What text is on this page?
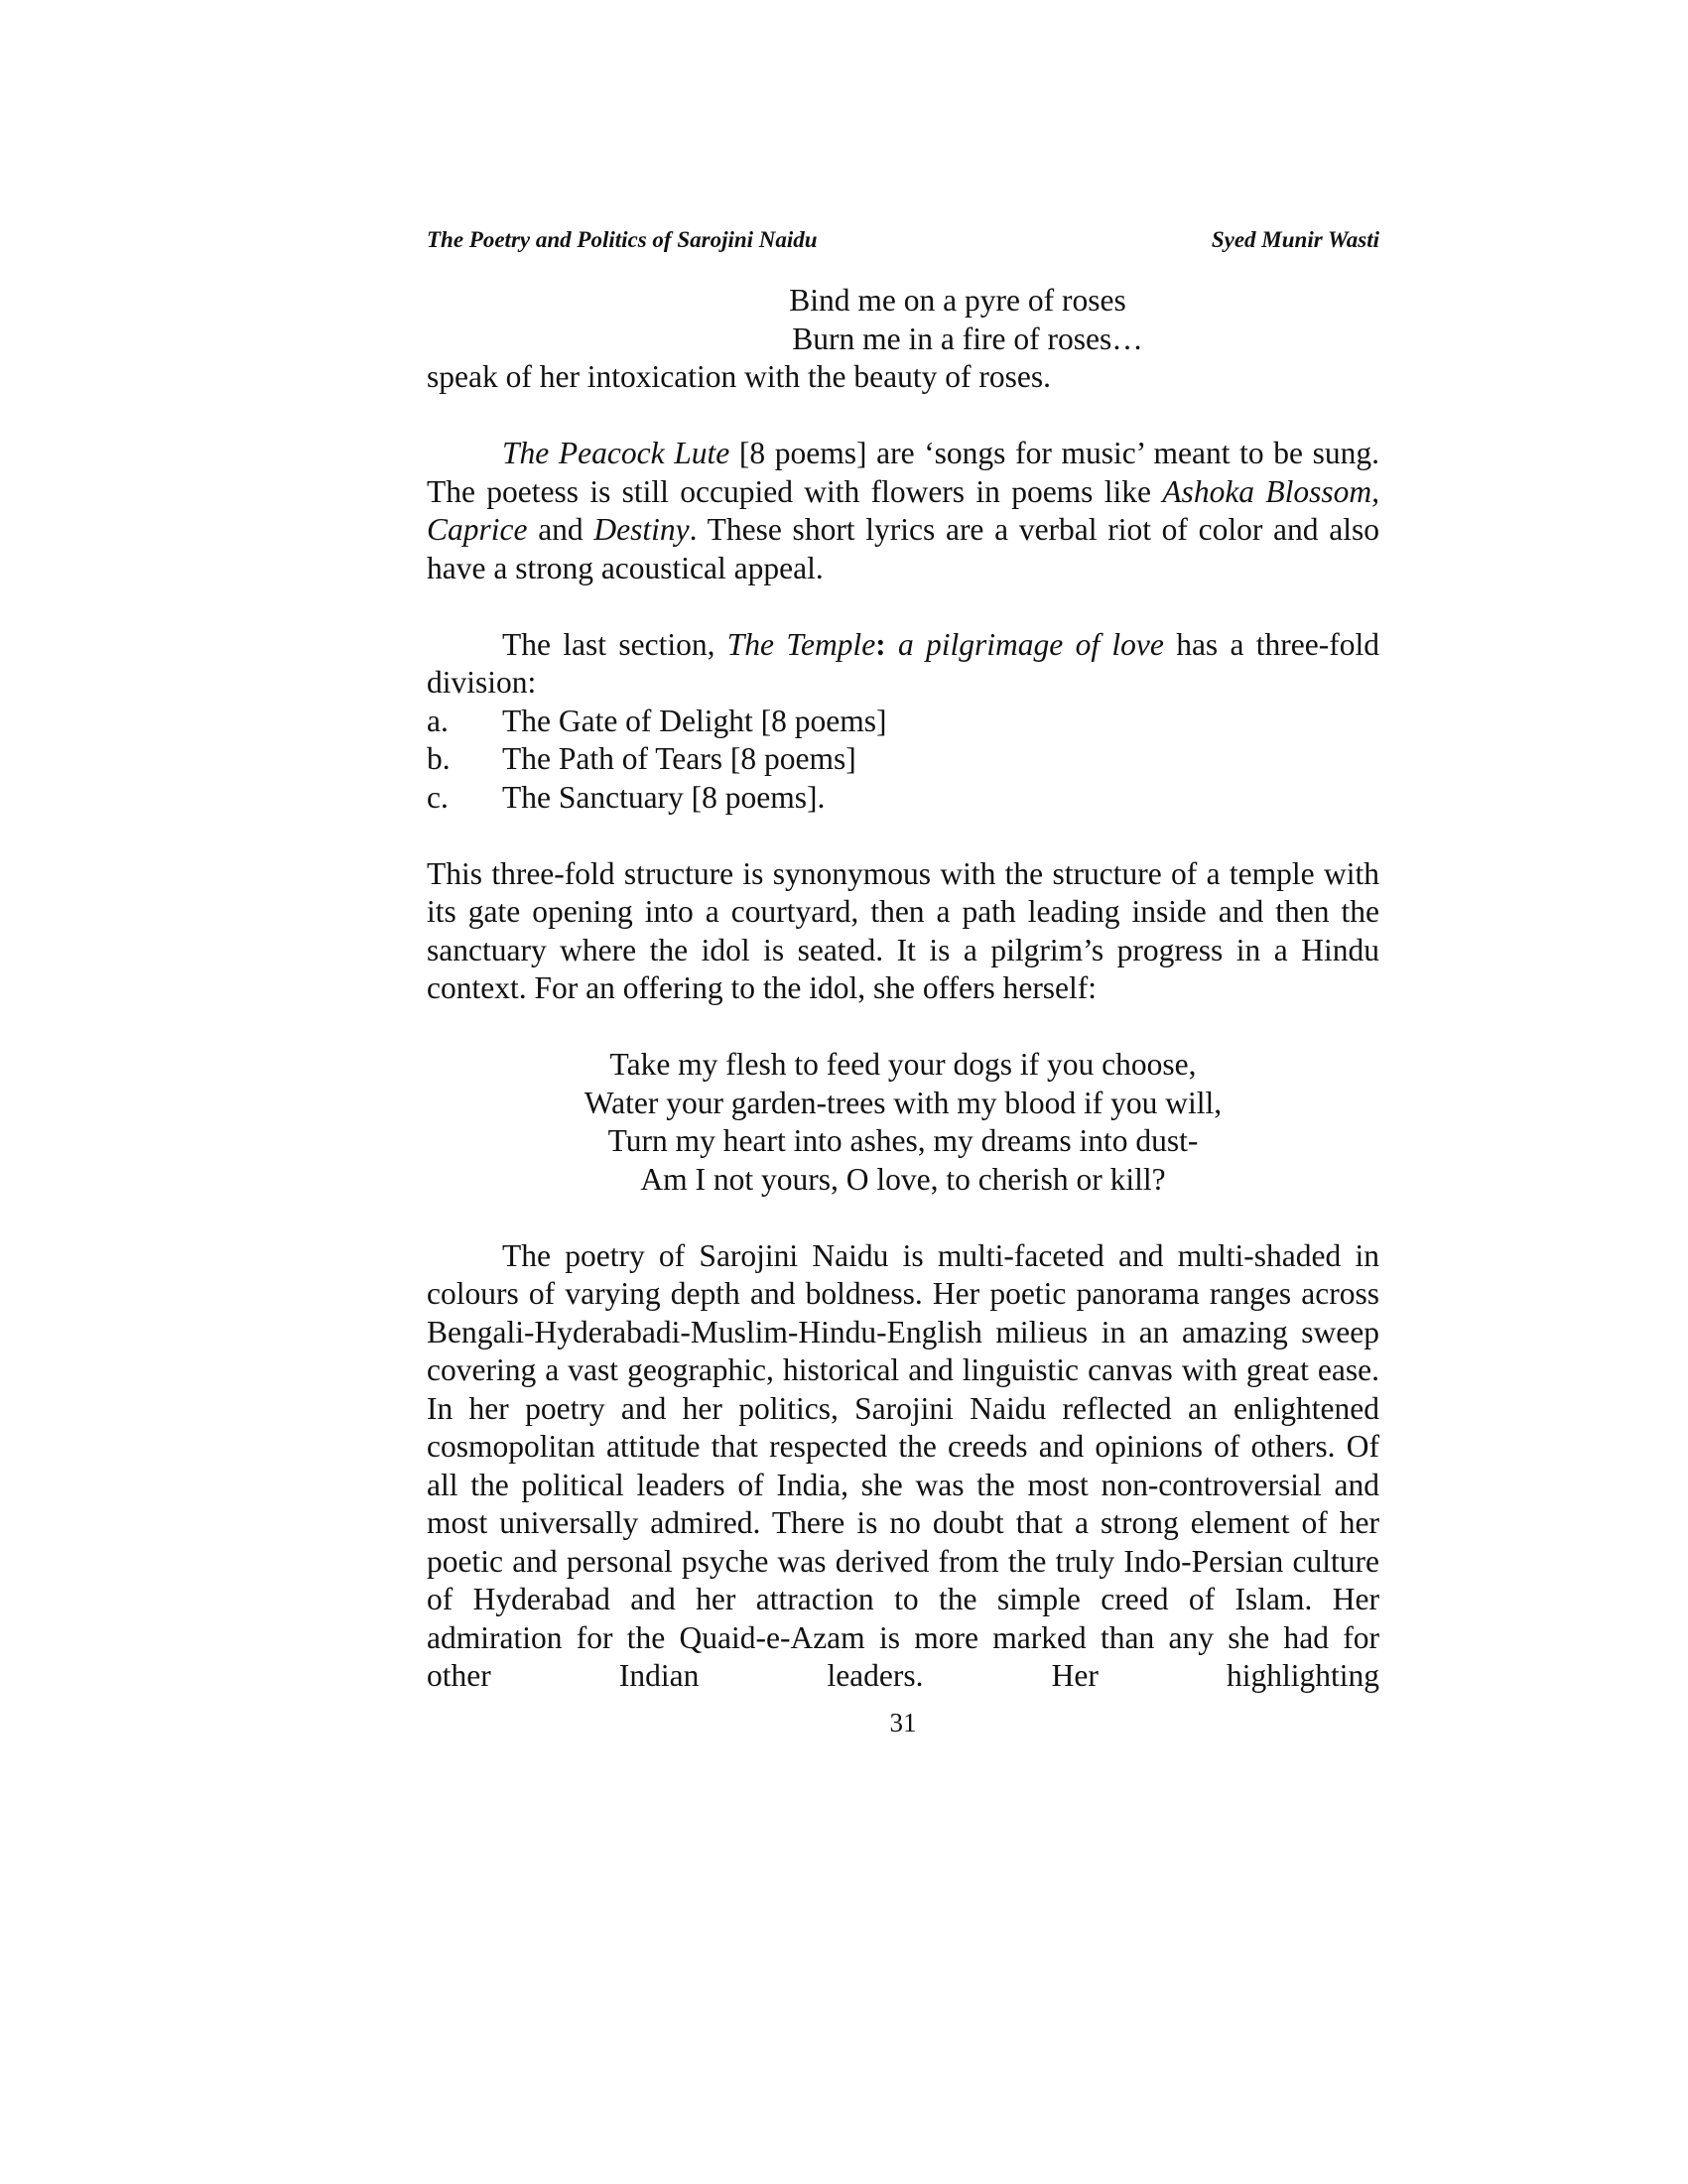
The Poetry and Politics of Sarojini Naidu	Syed Munir Wasti
Bind me on a pyre of roses
Burn me in a fire of roses…

speak of her intoxication with the beauty of roses.

The Peacock Lute [8 poems] are ‘songs for music’ meant to be sung. The poetess is still occupied with flowers in poems like Ashoka Blossom, Caprice and Destiny. These short lyrics are a verbal riot of color and also have a strong acoustical appeal.

The last section, The Temple: a pilgrimage of love has a three-fold division:

a.	The Gate of Delight [8 poems]
b.	The Path of Tears [8 poems]
c.	The Sanctuary [8 poems].

This three-fold structure is synonymous with the structure of a temple with its gate opening into a courtyard, then a path leading inside and then the sanctuary where the idol is seated. It is a pilgrim’s progress in a Hindu context. For an offering to the idol, she offers herself:

Take my flesh to feed your dogs if you choose,
Water your garden-trees with my blood if you will,
Turn my heart into ashes, my dreams into dust-
Am I not yours, O love, to cherish or kill?

The poetry of Sarojini Naidu is multi-faceted and multi-shaded in colours of varying depth and boldness. Her poetic panorama ranges across Bengali-Hyderabadi-Muslim-Hindu-English milieus in an amazing sweep covering a vast geographic, historical and linguistic canvas with great ease. In her poetry and her politics, Sarojini Naidu reflected an enlightened cosmopolitan attitude that respected the creeds and opinions of others. Of all the political leaders of India, she was the most non-controversial and most universally admired. There is no doubt that a strong element of her poetic and personal psyche was derived from the truly Indo-Persian culture of Hyderabad and her attraction to the simple creed of Islam. Her admiration for the Quaid-e-Azam is more marked than any she had for other Indian leaders. Her highlighting

31
